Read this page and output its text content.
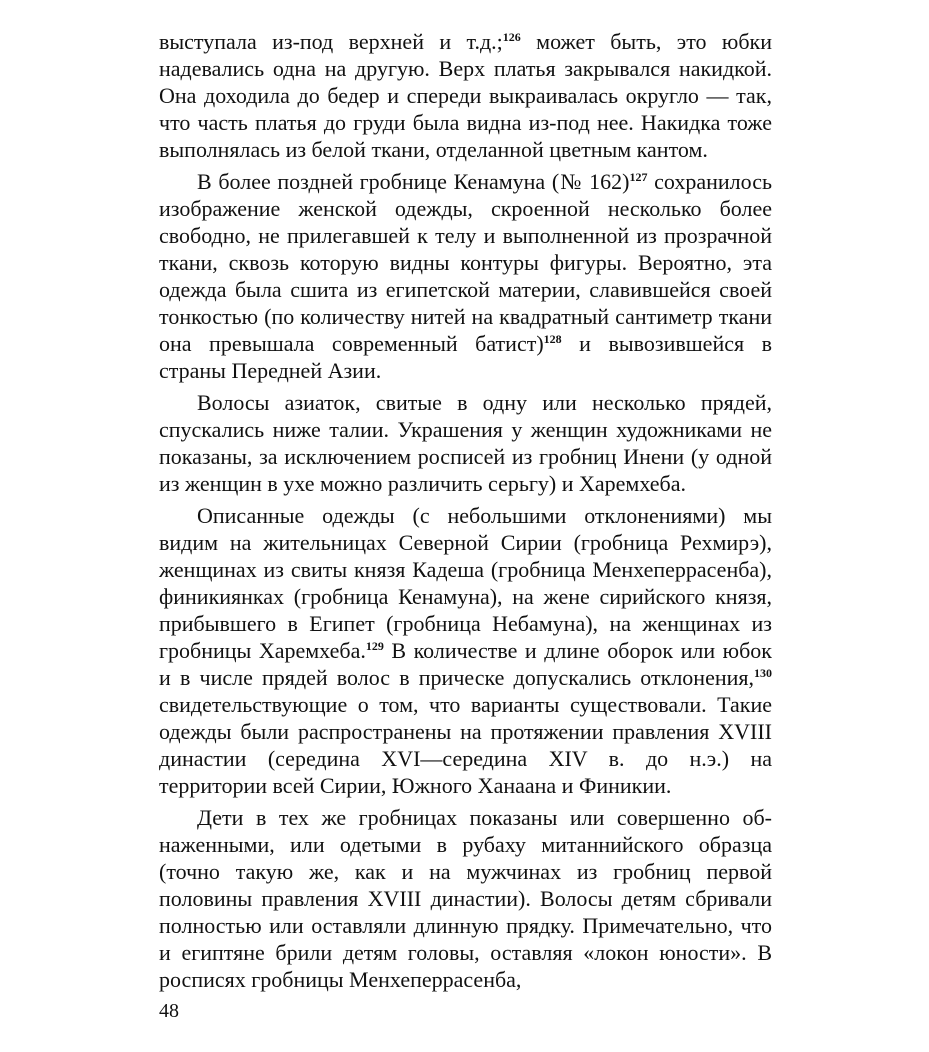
выступала из-под верхней и т.д.;$^{126}$ может быть, это юбки надевались одна на другую. Верх платья закрывался накидкой. Она доходила до бедер и спереди выкраивалась округло — так, что часть платья до груди была видна из-под нее. Накидка тоже выполнялась из белой ткани, отделанной цветным кантом.

В более поздней гробнице Кенамуна (№ 162)$^{127}$ сохранилось изображение женской одежды, скроенной несколько более свободно, не прилегавшей к телу и выполненной из прозрачной ткани, сквозь которую видны контуры фигуры. Вероятно, эта одежда была сшита из египетской материи, славившейся своей тонкостью (по количеству нитей на квадратный сантиметр ткани она превышала современный батист)$^{128}$ и вывозившейся в страны Передней Азии.

Волосы азиаток, свитые в одну или несколько прядей, спускались ниже талии. Украшения у женщин художниками не показаны, за исключением росписей из гробниц Инени (у одной из женщин в ухе можно различить серьгу) и Харемхеба.

Описанные одежды (с небольшими отклонениями) мы видим на жительницах Северной Сирии (гробница Рехмирэ), женщинах из свиты князя Кадеша (гробница Менхеперрасенба), финикиянках (гробница Кенамуна), на жене сирийского князя, прибывшего в Египет (гробница Небамуна), на женщинах из гробницы Харемхеба.$^{129}$ В количестве и длине оборок или юбок и в числе прядей волос в прическе допускались отклонения,$^{130}$ свидетельствующие о том, что варианты существовали. Такие одежды были распространены на протяжении правления XVIII династии (середина XVI—середина XIV в. до н.э.) на территории всей Сирии, Южного Ханаана и Финикии.

Дети в тех же гробницах показаны или совершенно обнаженными, или одетыми в рубаху митаннийского образца (точно такую же, как и на мужчинах из гробниц первой половины правления XVIII династии). Волосы детям сбривали полностью или оставляли длинную прядку. Примечательно, что и египтяне брили детям головы, оставляя «локон юности». В росписях гробницы Менхеперрасенба,

48
